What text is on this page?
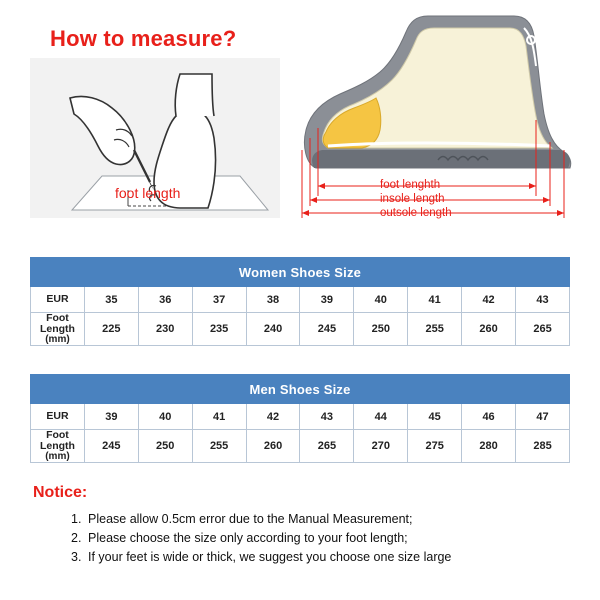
How to measure?
foot length	foot lenghth
insole length
outsole length
Women Shoes Size									
EUR	35	36	37	38	39	40	41	42	43
Foot Length
(mm)	225	230	235	240	245	250	255	260	265
Men Shoes Size									
EUR	39	40	41	42	43	44	45	46	47
Foot Length
(mm)	245	250	255	260	265	270	275	280	285
Notice:
1. Please allow 0.5cm error due to the Manual Measurement;
2. Please choose the size only according to your foot length;
3. If your feet is wide or thick, we suggest you choose one size large
